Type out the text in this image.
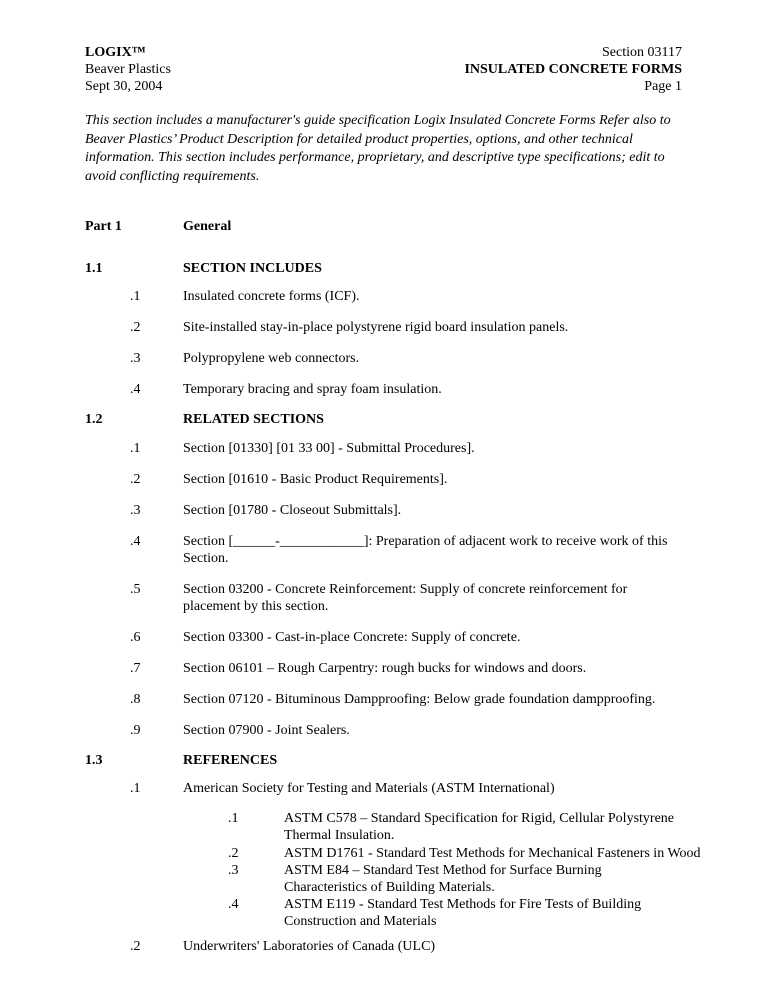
LOGIX™
Beaver Plastics
Sept 30, 2004
Section 03117
INSULATED CONCRETE FORMS
Page 1
This section includes a manufacturer's guide specification Logix Insulated Concrete Forms Refer also to Beaver Plastics’ Product Description for detailed product properties, options, and other technical information. This section includes performance, proprietary, and descriptive type specifications; edit to avoid conflicting requirements.
Part 1	General
1.1	SECTION INCLUDES
.1	Insulated concrete forms (ICF).
.2	Site-installed stay-in-place polystyrene rigid board insulation panels.
.3	Polypropylene web connectors.
.4	Temporary bracing and spray foam insulation.
1.2	RELATED SECTIONS
.1	Section [01330] [01 33 00] - Submittal Procedures].
.2	Section [01610 - Basic Product Requirements].
.3	Section [01780 - Closeout Submittals].
.4	Section [______-____________]: Preparation of adjacent work to receive work of this Section.
.5	Section 03200 - Concrete Reinforcement: Supply of concrete reinforcement for placement by this section.
.6	Section 03300 - Cast-in-place Concrete: Supply of concrete.
.7	Section 06101 – Rough Carpentry: rough bucks for windows and doors.
.8	Section 07120 - Bituminous Dampproofing: Below grade foundation dampproofing.
.9	Section 07900 - Joint Sealers.
1.3	REFERENCES
.1	American Society for Testing and Materials (ASTM International)
.1	ASTM C578 – Standard Specification for Rigid, Cellular Polystyrene Thermal Insulation.
.2	ASTM D1761 - Standard Test Methods for Mechanical Fasteners in Wood
.3	ASTM E84 – Standard Test Method for Surface Burning Characteristics of Building Materials.
.4	ASTM E119 - Standard Test Methods for Fire Tests of Building Construction and Materials
.2	Underwriters' Laboratories of Canada (ULC)
